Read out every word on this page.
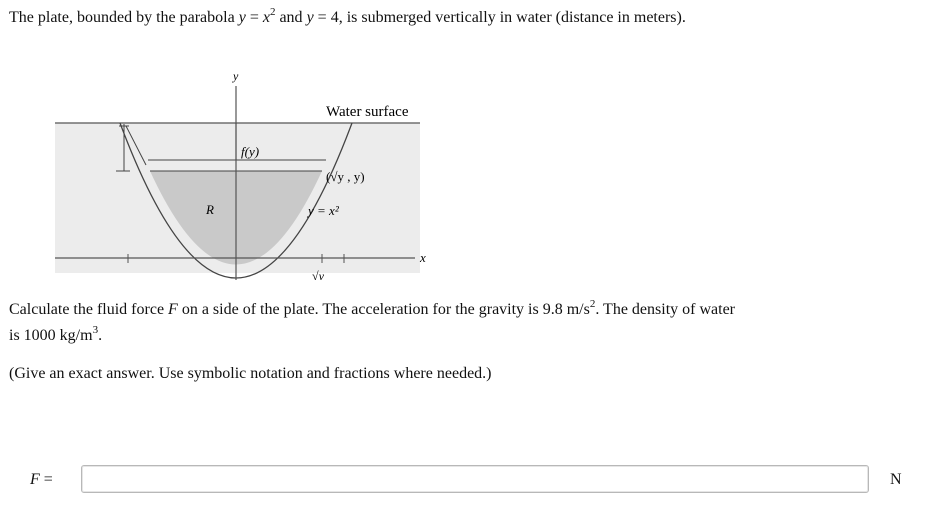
The plate, bounded by the parabola $y = x^2$ and y = 4, is submerged vertically in water (distance in meters).
y
Water surface
f(y)
(√y , y)
R	y = x²
x
√y
Calculate the fluid force F on a side of the plate. The acceleration for the gravity is 9.8 $m/s^2$. The density of water
is 1000 $kg/m^3$.
(Give an exact answer. Use symbolic notation and fractions where needed.)
F =	N
